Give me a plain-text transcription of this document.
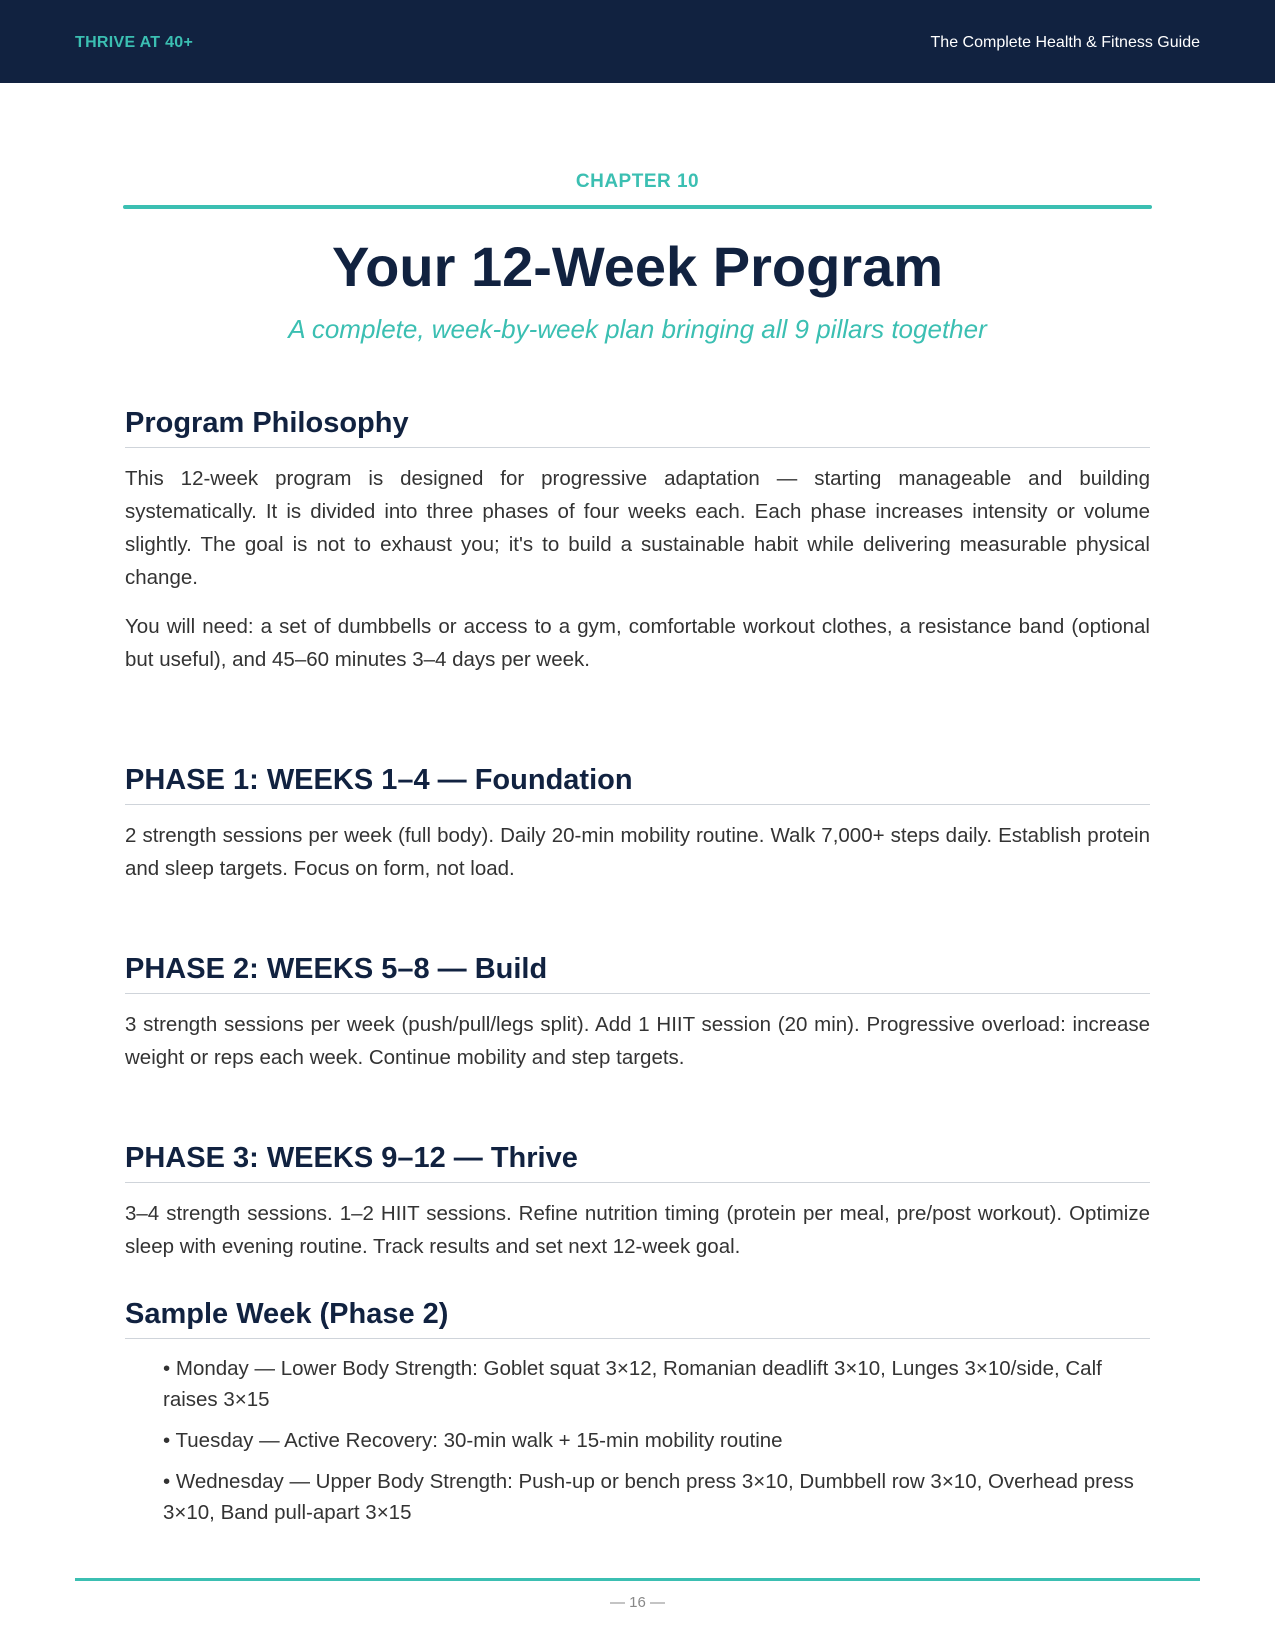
THRIVE AT 40+	The Complete Health & Fitness Guide
CHAPTER 10
Your 12-Week Program
A complete, week-by-week plan bringing all 9 pillars together
Program Philosophy

This 12-week program is designed for progressive adaptation — starting manageable and building systematically. It is divided into three phases of four weeks each. Each phase increases intensity or volume slightly. The goal is not to exhaust you; it's to build a sustainable habit while delivering measurable physical change.

You will need: a set of dumbbells or access to a gym, comfortable workout clothes, a resistance band (optional but useful), and 45–60 minutes 3–4 days per week.

PHASE 1: WEEKS 1–4 — Foundation

2 strength sessions per week (full body). Daily 20-min mobility routine. Walk 7,000+ steps daily. Establish protein and sleep targets. Focus on form, not load.

PHASE 2: WEEKS 5–8 — Build

3 strength sessions per week (push/pull/legs split). Add 1 HIIT session (20 min). Progressive overload: increase weight or reps each week. Continue mobility and step targets.

PHASE 3: WEEKS 9–12 — Thrive

3–4 strength sessions. 1–2 HIIT sessions. Refine nutrition timing (protein per meal, pre/post workout). Optimize sleep with evening routine. Track results and set next 12-week goal.

Sample Week (Phase 2)
• Monday — Lower Body Strength: Goblet squat 3×12, Romanian deadlift 3×10, Lunges 3×10/side, Calf raises 3×15
• Tuesday — Active Recovery: 30-min walk + 15-min mobility routine
• Wednesday — Upper Body Strength: Push-up or bench press 3×10, Dumbbell row 3×10, Overhead press 3×10, Band pull-apart 3×15
— 16 —
